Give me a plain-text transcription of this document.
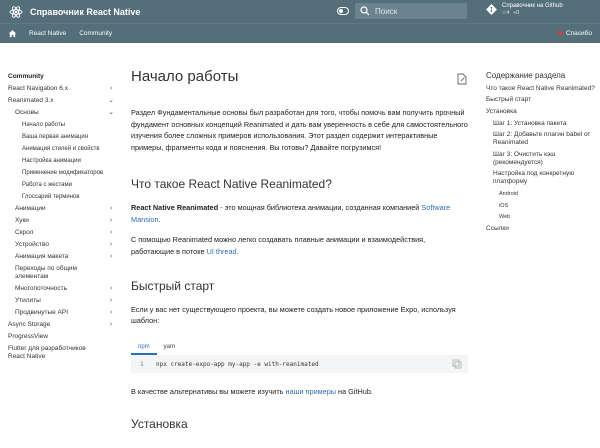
Справочник React Native
Поиск
Справочник на Github
☆4 ⑂0
React Native Community	♥ Спасибо
Community
React Navigation 6.x	›
Reanimated 3.x	⌄
Основы	⌄
Начало работы
Ваша первая анимация
Анимация стилей и свойств
Настройка анимации
Применение модификаторов
Работа с жестами
Глоссарий терминов
Анимации	›
Хуки	›
Скрол	›
Устройство	›
Анимация макета	›
Переходы по общим элементам
Многопоточность	›
Утилиты	›
Продвинутые API	›
Async Storage	›
ProgressView
Flutter для разработчиков React Native
Начало работы

Раздел Фундаментальные основы был разработан для того, чтобы помочь вам получить прочный фундамент основных концепций Reanimated и дать вам уверенность в себе для самостоятельного изучения более сложных примеров использования. Этот раздел содержит интерактивные примеры, фрагменты кода и пояснения. Вы готовы? Давайте погрузимся!

Что такое React Native Reanimated?

React Native Reanimated - это мощная библиотека анимации, созданная компанией Software Mansion.

С помощью Reanimated можно легко создавать плавные анимации и взаимодействия, работающие в потоке UI thread.

Быстрый старт

Если у вас нет существующего проекта, вы можете создать новое приложение Expo, используя шаблон:

npm	yarn
1	npx create-expo-app my-app -e with-reanimated

В качестве альтернативы вы можете изучить наши примеры на GitHub.

Установка
Содержание раздела
Что такое React Native Reanimated?
Быстрый старт
Установка
Шаг 1: Установка пакета
Шаг 2: Добавьте плагин babel от Reanimated
Шаг 3: Очистить кэш (рекомендуется)
Настройка под конкретную платформу
Android
iOS
Web
Ссылки
